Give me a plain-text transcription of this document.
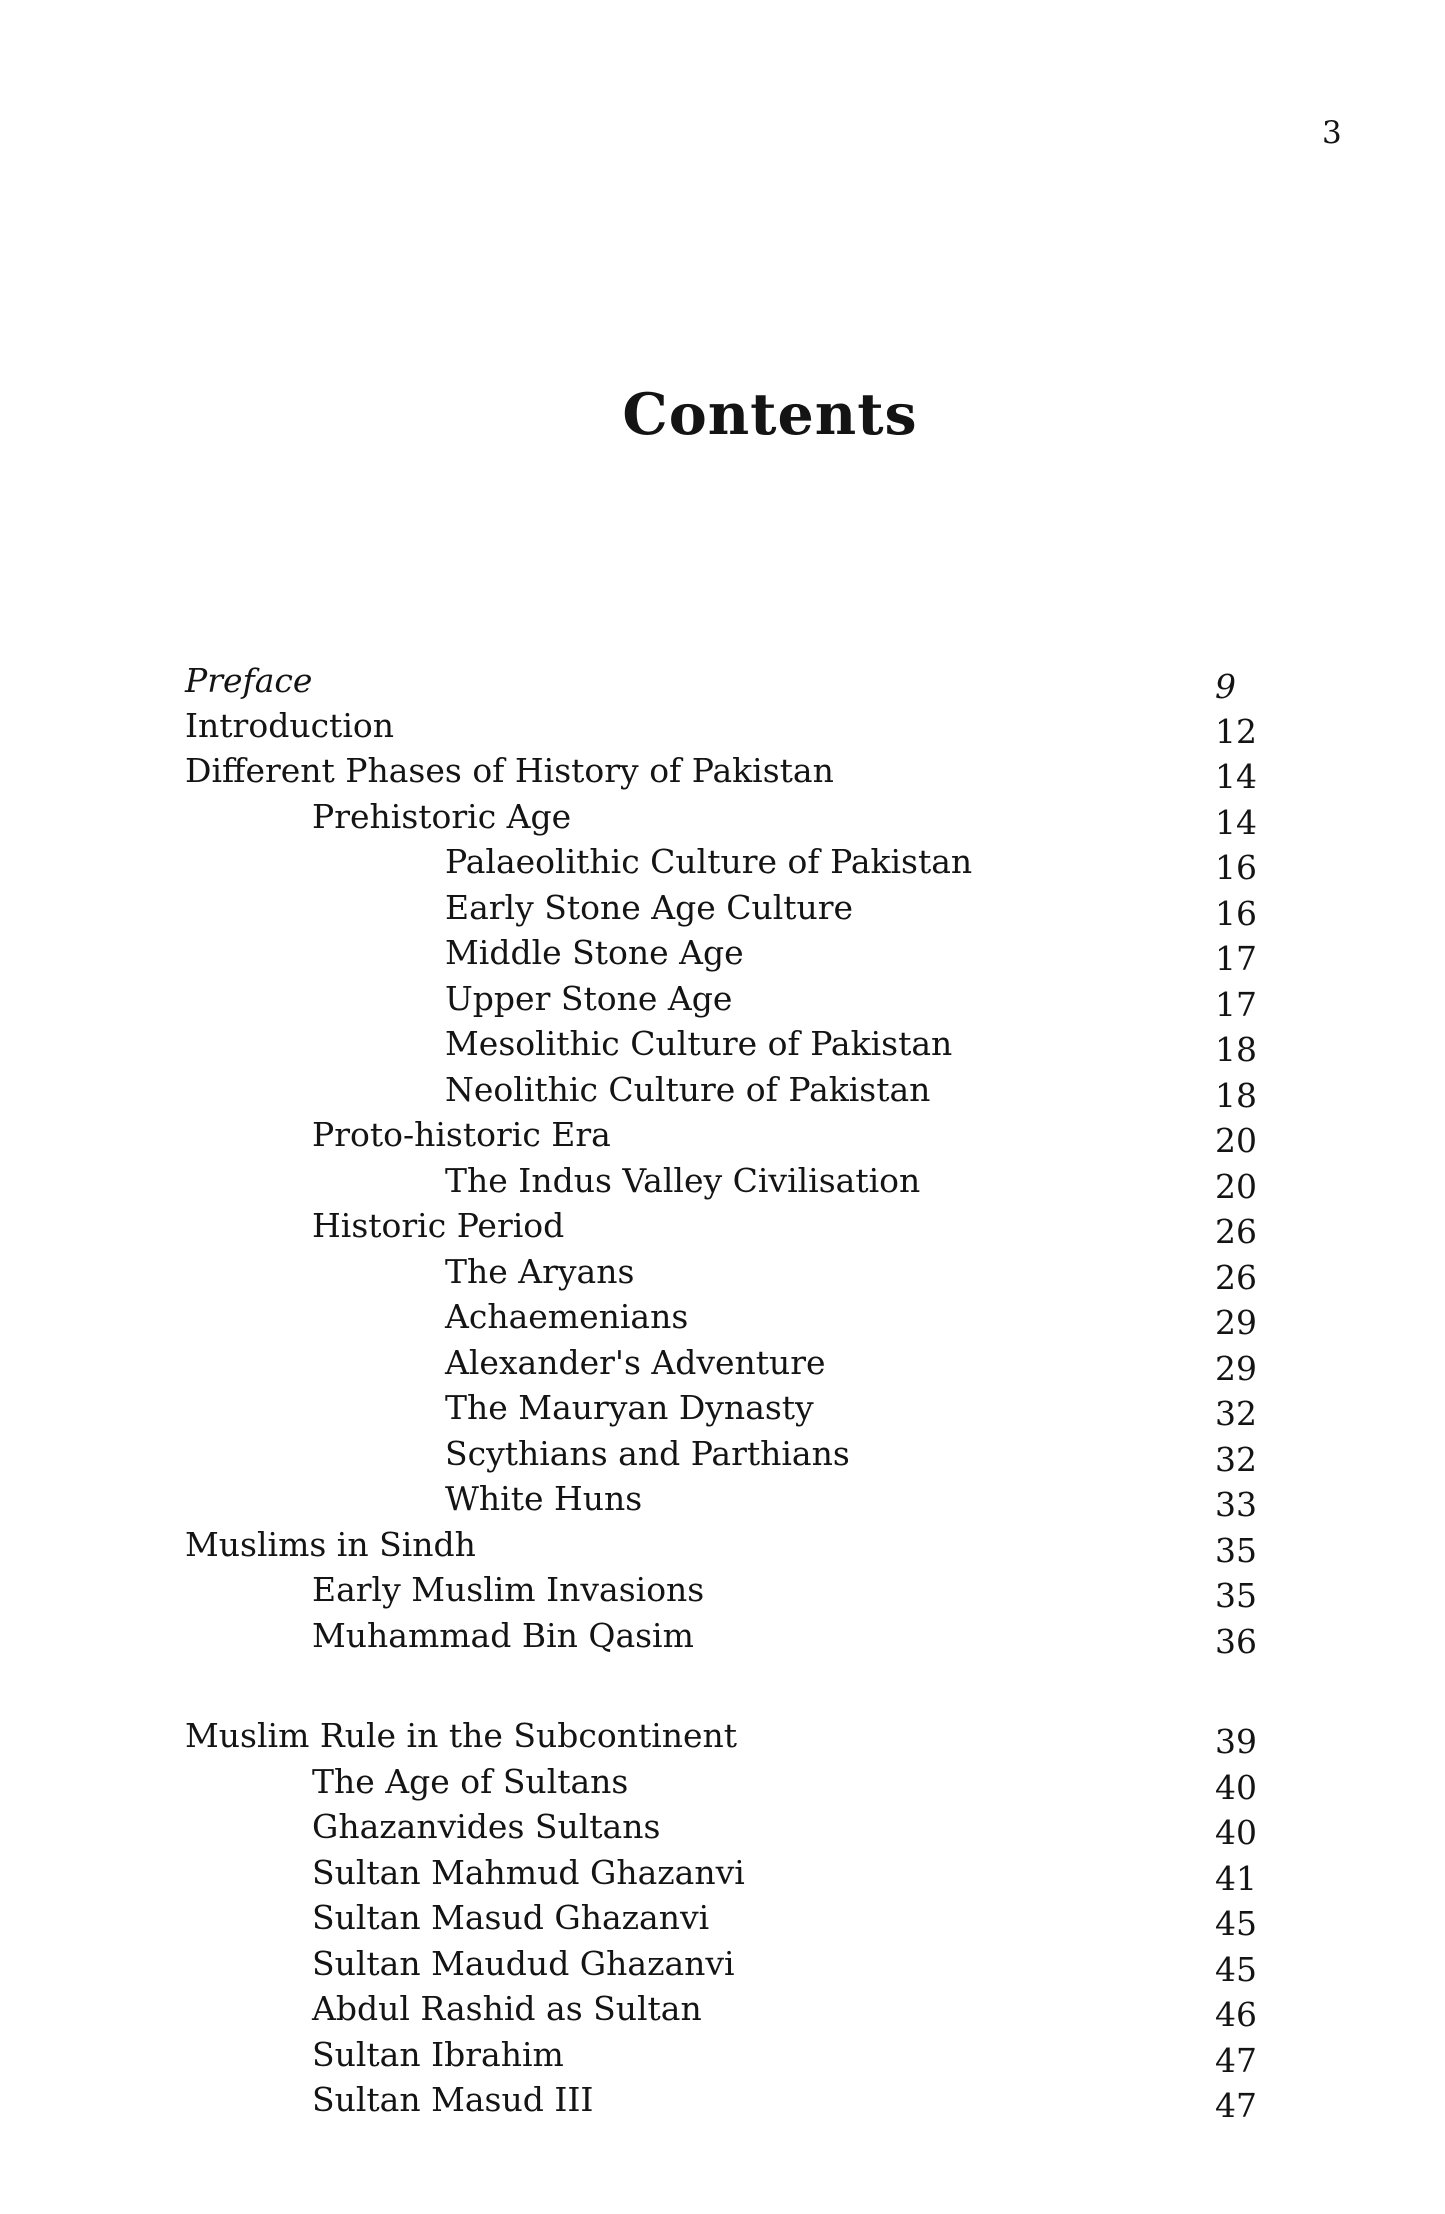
3
Contents
Preface	9
Introduction	12
Different Phases of History of Pakistan	14
Prehistoric Age	14
Palaeolithic Culture of Pakistan	16
Early Stone Age Culture	16
Middle Stone Age	17
Upper Stone Age	17
Mesolithic Culture of Pakistan	18
Neolithic Culture of Pakistan	18
Proto-historic Era	20
The Indus Valley Civilisation	20
Historic Period	26
The Aryans	26
Achaemenians	29
Alexander's Adventure	29
The Mauryan Dynasty	32
Scythians and Parthians	32
White Huns	33
Muslims in Sindh	35
Early Muslim Invasions	35
Muhammad Bin Qasim	36
Muslim Rule in the Subcontinent	39
The Age of Sultans	40
Ghazanvides Sultans	40
Sultan Mahmud Ghazanvi	41
Sultan Masud Ghazanvi	45
Sultan Maudud Ghazanvi	45
Abdul Rashid as Sultan	46
Sultan Ibrahim	47
Sultan Masud III	47
